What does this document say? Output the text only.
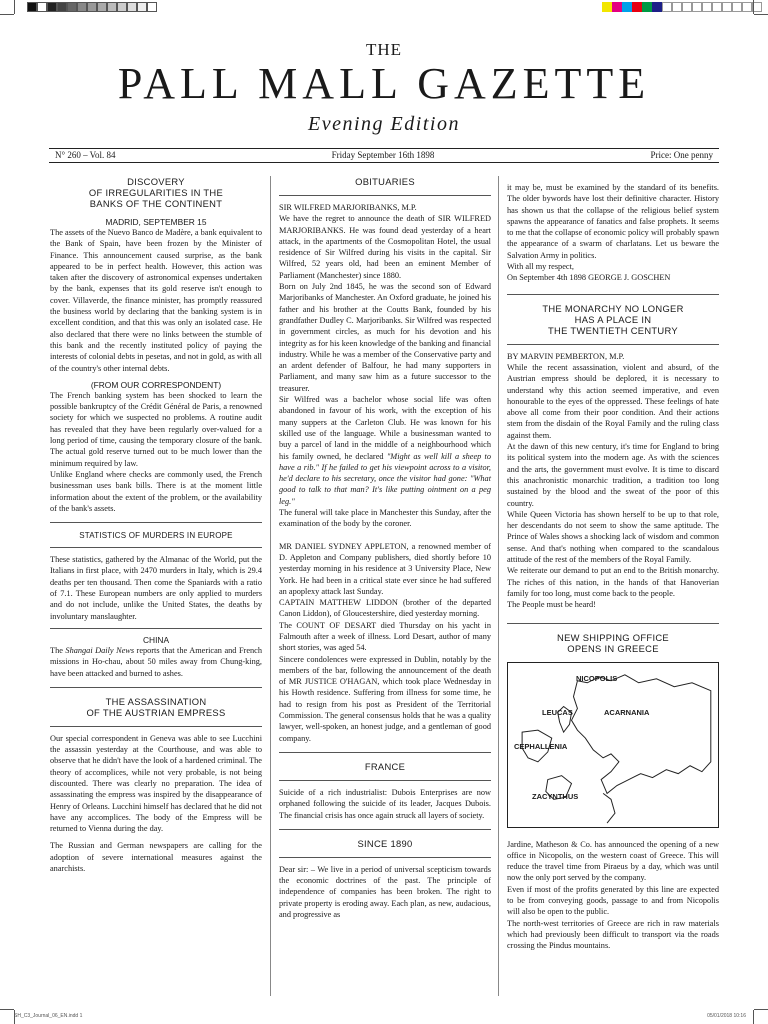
THE
PALL MALL GAZETTE
Evening Edition
N° 260 – Vol. 84	Friday September 16th 1898	Price: One penny
DISCOVERY
OF IRREGULARITIES IN THE
BANKS OF THE CONTINENT
MADRID, SEPTEMBER 15

The assets of the Nuevo Banco de Madère, a bank equivalent to the Bank of Spain, have been frozen by the Minister of Finance. This announcement caused surprise, as the bank appeared to be in perfect health. However, this action was taken after the discovery of astronomical expenses undertaken by the bank, expenses that its gold reserve isn't enough to cover. Villaverde, the finance minister, has promptly reassured the business world by declaring that the banking system is in excellent condition, and that this was only an isolated case. He also declared that there were no links between the stumble of this bank and the recently instituted policy of paying the interests of colonial debts in pesetas, and not in gold, as with all of the country's other internal debts.

(FROM OUR CORRESPONDENT)

The French banking system has been shocked to learn the possible bankruptcy of the Crédit Général de Paris, a renowned society for which we suspected no problems. A routine audit has revealed that they have been regularly over-valued for a long period of time, causing the temporary closure of the bank. The actual gold reserve turned out to be much lower than the minimum required by law.

Unlike England where checks are commonly used, the French businessman uses bank bills. There is at the moment little information about the extent of the problem, or the availability of the bank's assets.

STATISTICS OF MURDERS IN EUROPE

These statistics, gathered by the Almanac of the World, put the Italians in first place, with 2470 murders in Italy, which is 29.4 deaths per ten thousand. Then come the Spaniards with a ratio of 7.1. These European numbers are only applied to murders and do not include, unlike the United States, the deaths by involuntary manslaughter.

CHINA

The Shangai Daily News reports that the American and French missions in Ho-chau, about 50 miles away from Chung-king, have been attacked and burned to ashes.

THE ASSASSINATION
OF THE AUSTRIAN EMPRESS

Our special correspondent in Geneva was able to see Lucchini the assassin yesterday at the Courthouse, and was able to observe that he didn't have the look of a hardened criminal. The theory of accomplices, while not very probable, is not being discounted. There was clearly no preparation. The idea of assassinating the empress was inspired by the disappearance of Henry of Orleans. Lucchini himself has declared that he did not have any accomplices. The body of the Empress will be returned to Vienna during the day.

The Russian and German newspapers are calling for the adoption of severe international measures against the anarchists.

OBITUARIES

SIR WILFRED MARJORIBANKS, M.P.

We have the regret to announce the death of SIR WILFRED MARJORIBANKS. He was found dead yesterday of a heart attack, in the apartments of the Cosmopolitan Hotel, the usual residence of Sir Wilfred during his visits in the capital. Sir Wilfred, 52 years old, had been an eminent Member of Parliament (Manchester) since 1880.

Born on July 2nd 1845, he was the second son of Edward Marjoribanks of Manchester. An Oxford graduate, he joined his father and his brother at the Coutts Bank, founded by his grandfather Dudley C. Marjoribanks. Sir Wilfred was respected in government circles, as much for his devotion and his integrity as for his keen knowledge of the banking and financial industry. While he was a member of the Conservative party and an ardent defender of Balfour, he had many supporters in Parliament, and many saw him as a future successor to the treasurer.

Sir Wilfred was a bachelor whose social life was often abandoned in favour of his work, with the exception of his many suppers at the Carleton Club. He was known for his skilled use of the language. While a businessman wanted to buy a parcel of land in the middle of a neighbourhood which his family owned, he declared "Might as well kill a sheep to have a rib." If he failed to get his viewpoint across to a visitor, he'd declare to his secretary, once the visitor had gone: "What good to talk to that man? It's like putting ointment on a peg leg."

The funeral will take place in Manchester this Sunday, after the examination of the body by the coroner.

MR DANIEL SYDNEY APPLETON, a renowned member of D. Appleton and Company publishers, died shortly before 10 yesterday morning in his residence at 3 University Place, New York. He had been in a critical state ever since he had suffered an apoplexy attack last Sunday.

CAPTAIN MATTHEW LIDDON (brother of the departed Canon Liddon), of Gloucestershire, died yesterday morning.

The COUNT OF DESART died Thursday on his yacht in Falmouth after a week of illness. Lord Desart, author of many short stories, was aged 54.

Sincere condolences were expressed in Dublin, notably by the members of the bar, following the announcement of the death of MR JUSTICE O'HAGAN, which took place Wednesday in his Howth residence. Suffering from illness for some time, he had to resign from his post as President of the Territorial Commission. The general consensus holds that he was a quality lawyer, well-spoken, an honest judge, and a gentleman of good company.

FRANCE

Suicide of a rich industrialist: Dubois Enterprises are now orphaned following the suicide of its leader, Jacques Dubois. The financial crisis has once again struck all layers of society.

SINCE 1890

Dear sir: – We live in a period of universal scepticism towards the economic doctrines of the past. The principle of independence of companies has been broken. The right to private property is eroding away. Each plan, as new, audacious, and progressive as

it may be, must be examined by the standard of its benefits. The older bywords have lost their definitive character. History has shown us that the collapse of the religious belief system spawns the appearance of fanatics and false prophets. It seems to me that the collapse of economic policy will probably spawn the appearance of a swarm of charlatans. Let us beware the Salvation Army in politics.

With all my respect,

On September 4th 1898 GEORGE J. GOSCHEN

THE MONARCHY NO LONGER
HAS A PLACE IN
THE TWENTIETH CENTURY

BY MARVIN PEMBERTON, M.P.

While the recent assassination, violent and absurd, of the Austrian empress should be deplored, it is necessary to understand why this action seemed imperative, and even honourable to the eyes of the oppressed. These feelings of hate above all come from their poor condition. And their actions stem from the disdain of the Royal Family and the ruling class against them.

At the dawn of this new century, it's time for England to bring its political system into the modern age. As with the sciences and the arts, the government must evolve. It is time to discard this anachronistic monarchic tradition, a tradition too long sustained by the blood and the sweat of the poor of this country.

While Queen Victoria has shown herself to be up to that role, her descendants do not seem to show the same aptitude. The Prince of Wales shows a shocking lack of wisdom and common sense. And that's nothing when compared to the scandalous attitude of the rest of the members of the Royal Family.

We reiterate our demand to put an end to the British monarchy. The riches of this nation, in the hands of that Hanoverian family for too long, must come back to the people.

The People must be heard!

NEW SHIPPING OFFICE
OPENS IN GREECE
NICOPOLIS
LEUCAS	ACARNANIA
CEPHALLENIA
ZACYNTHUS

Jardine, Matheson & Co. has announced the opening of a new office in Nicopolis, on the western coast of Greece. This will reduce the travel time from Piraeus by a day, which was until now the only port served by the company.

Even if most of the profits generated by this line are expected to be from conveying goods, passage to and from Nicopolis will also be open to the public.

The north-west territories of Greece are rich in raw materials which had previously been difficult to transport via the roads crossing the Pindus mountains.

SH_C3_Journal_06_EN.indd 1	05/01/2018 10:16
